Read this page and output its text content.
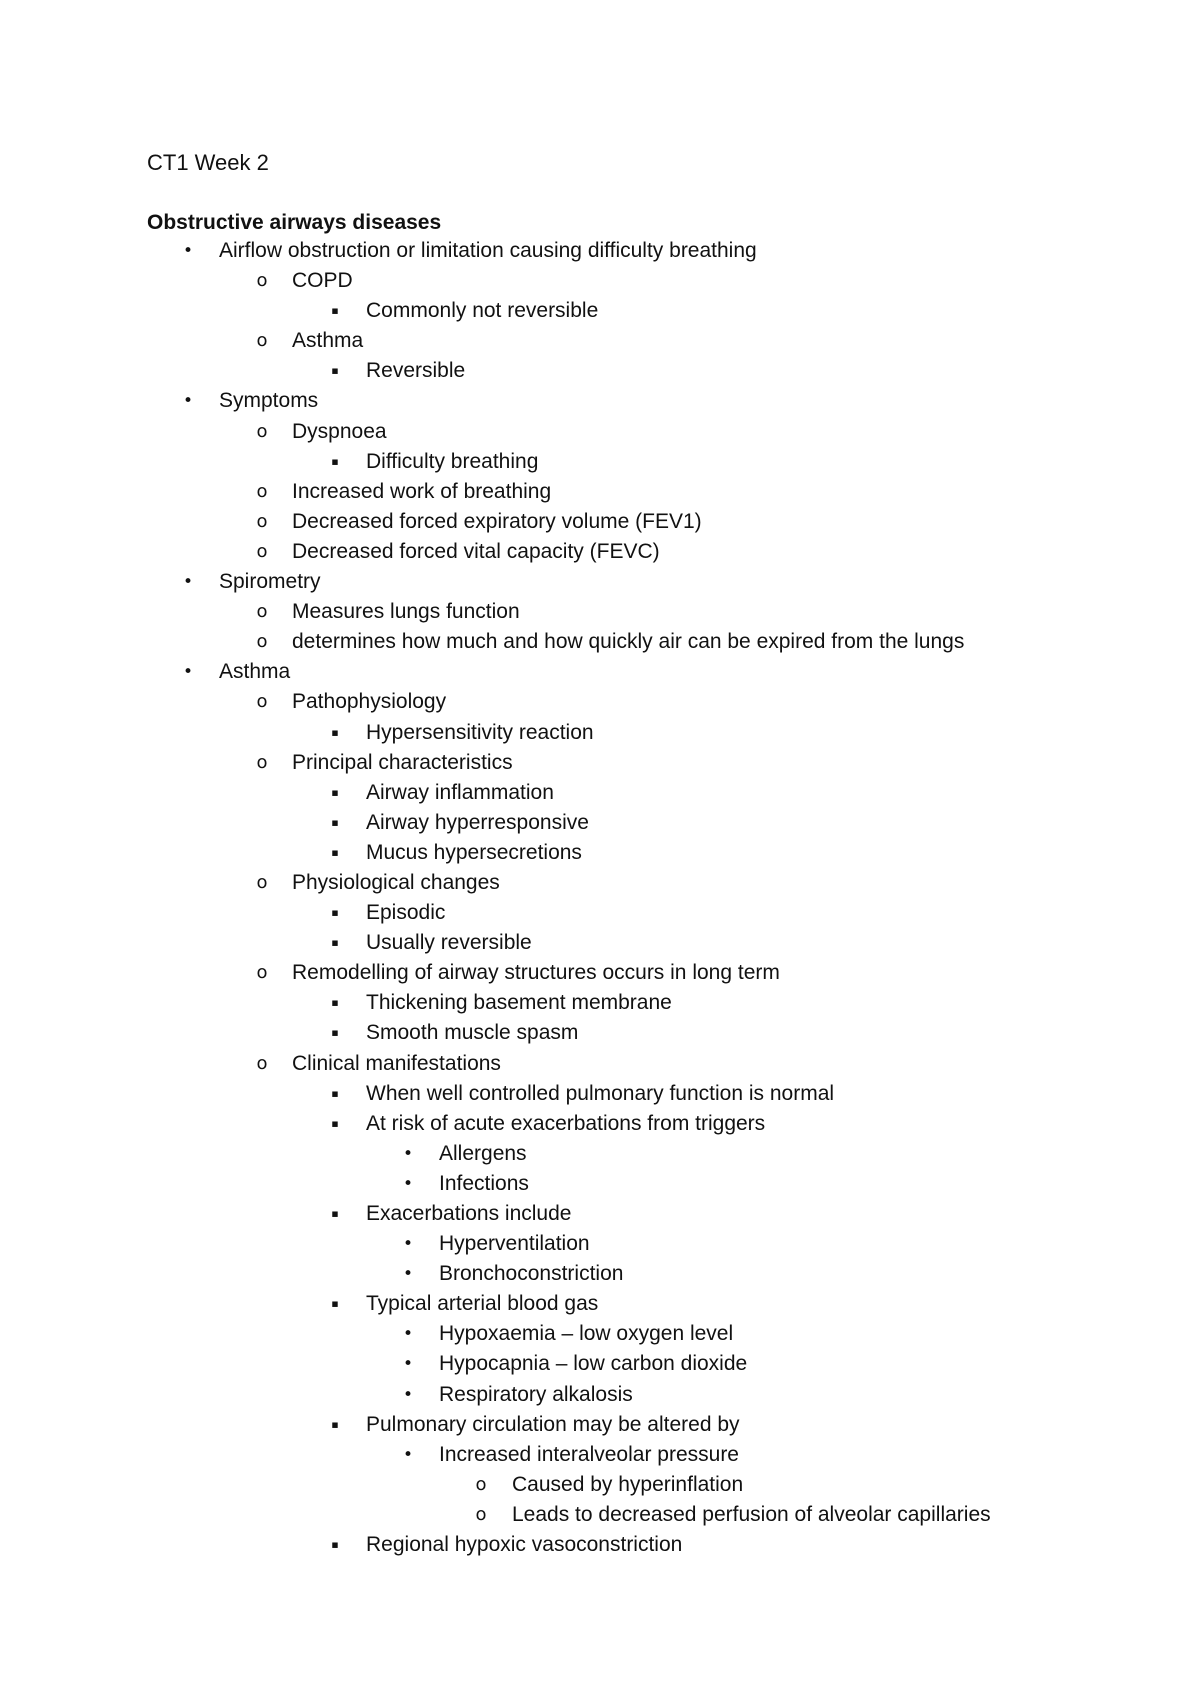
CT1 Week 2
Obstructive airways diseases
•	Airflow obstruction or limitation causing difficulty breathing
o	COPD
▪	Commonly not reversible
o	Asthma
▪	Reversible
•	Symptoms
o	Dyspnoea
▪	Difficulty breathing
o	Increased work of breathing
o	Decreased forced expiratory volume (FEV1)
o	Decreased forced vital capacity (FEVC)
•	Spirometry
o	Measures lungs function
o	determines how much and how quickly air can be expired from the lungs
•	Asthma
o	Pathophysiology
▪	Hypersensitivity reaction
o	Principal characteristics
▪	Airway inflammation
▪	Airway hyperresponsive
▪	Mucus hypersecretions
o	Physiological changes
▪	Episodic
▪	Usually reversible
o	Remodelling of airway structures occurs in long term
▪	Thickening basement membrane
▪	Smooth muscle spasm
o	Clinical manifestations
▪	When well controlled pulmonary function is normal
▪	At risk of acute exacerbations from triggers
•	Allergens
•	Infections
▪	Exacerbations include
•	Hyperventilation
•	Bronchoconstriction
▪	Typical arterial blood gas
•	Hypoxaemia – low oxygen level
•	Hypocapnia – low carbon dioxide
•	Respiratory alkalosis
▪	Pulmonary circulation may be altered by
•	Increased interalveolar pressure
o	Caused by hyperinflation
o	Leads to decreased perfusion of alveolar capillaries
▪	Regional hypoxic vasoconstriction
